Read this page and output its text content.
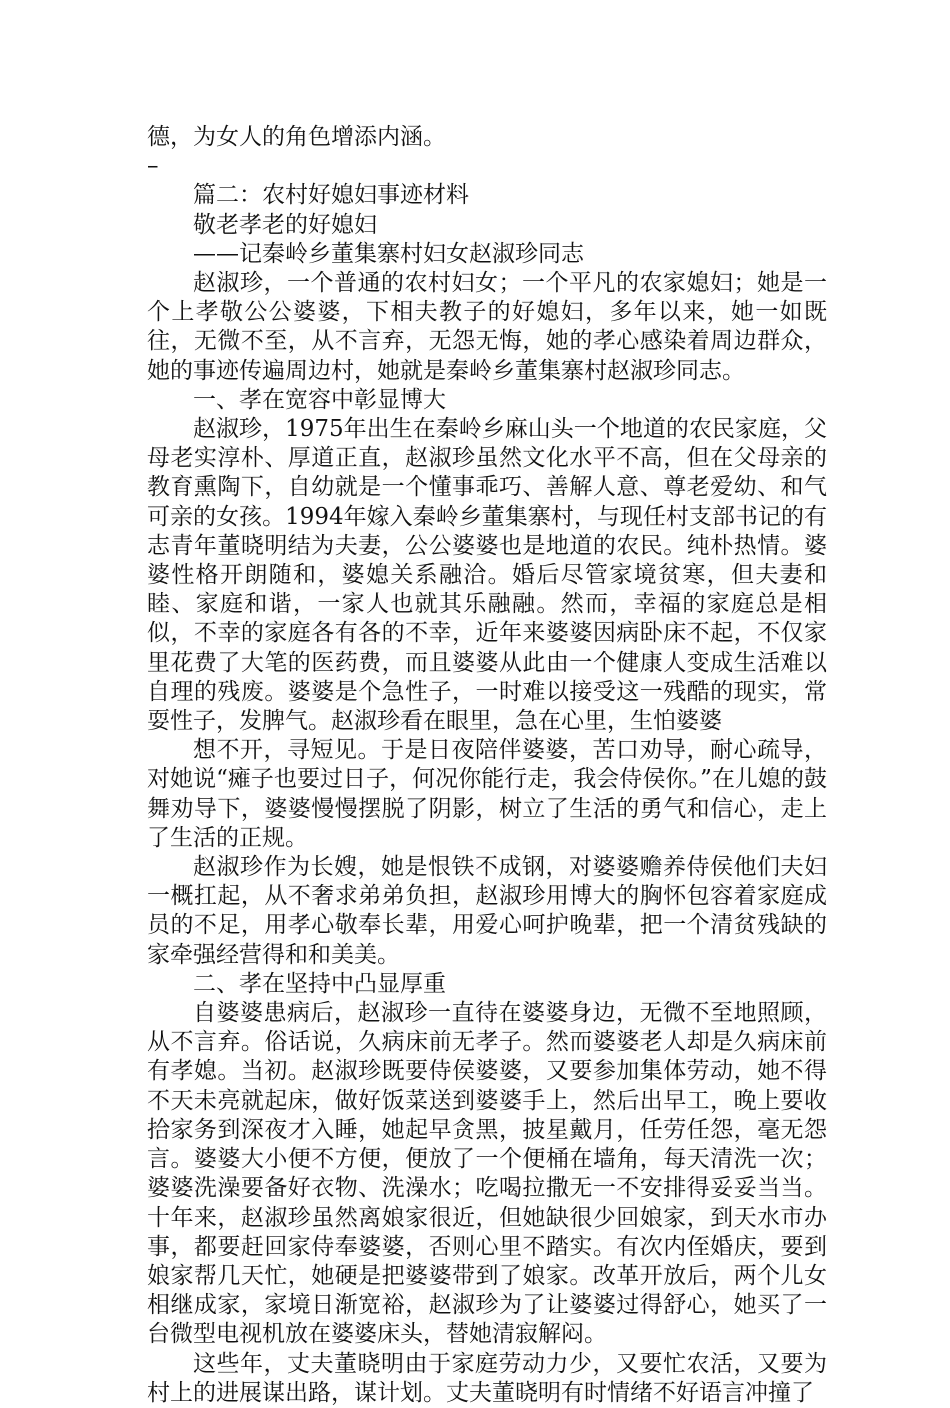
德，为女人的角色增添内涵。

–

篇二：农村好媳妇事迹材料

敬老孝老的好媳妇

——记秦岭乡董集寨村妇女赵淑珍同志

赵淑珍，一个普通的农村妇女；一个平凡的农家媳妇；她是一个上孝敬公公婆婆，下相夫教子的好媳妇，多年以来，她一如既往，无微不至，从不言弃，无怨无悔，她的孝心感染着周边群众，她的事迹传遍周边村，她就是秦岭乡董集寨村赵淑珍同志。

一、孝在宽容中彰显博大

赵淑珍，1975年出生在秦岭乡麻山头一个地道的农民家庭，父母老实淳朴、厚道正直，赵淑珍虽然文化水平不高，但在父母亲的教育熏陶下，自幼就是一个懂事乖巧、善解人意、尊老爱幼、和气可亲的女孩。1994年嫁入秦岭乡董集寨村，与现任村支部书记的有志青年董晓明结为夫妻，公公婆婆也是地道的农民。纯朴热情。婆婆性格开朗随和，婆媳关系融洽。婚后尽管家境贫寒，但夫妻和睦、家庭和谐，一家人也就其乐融融。然而，幸福的家庭总是相似，不幸的家庭各有各的不幸，近年来婆婆因病卧床不起，不仅家里花费了大笔的医药费，而且婆婆从此由一个健康人变成生活难以自理的残废。婆婆是个急性子，一时难以接受这一残酷的现实，常耍性子，发脾气。赵淑珍看在眼里，急在心里，生怕婆婆

想不开，寻短见。于是日夜陪伴婆婆，苦口劝导，耐心疏导，对她说“瘫子也要过日子，何况你能行走，我会侍侯你。”在儿媳的鼓舞劝导下，婆婆慢慢摆脱了阴影，树立了生活的勇气和信心，走上了生活的正规。

赵淑珍作为长嫂，她是恨铁不成钢，对婆婆赡养侍侯他们夫妇一概扛起，从不奢求弟弟负担，赵淑珍用博大的胸怀包容着家庭成员的不足，用孝心敬奉长辈，用爱心呵护晚辈，把一个清贫残缺的家牵强经营得和和美美。

二、孝在坚持中凸显厚重

自婆婆患病后，赵淑珍一直待在婆婆身边，无微不至地照顾，从不言弃。俗话说，久病床前无孝子。然而婆婆老人却是久病床前有孝媳。当初。赵淑珍既要侍侯婆婆，又要参加集体劳动，她不得不天未亮就起床，做好饭菜送到婆婆手上，然后出早工，晚上要收拾家务到深夜才入睡，她起早贪黑，披星戴月，任劳任怨，毫无怨言。婆婆大小便不方便，便放了一个便桶在墙角，每天清洗一次；婆婆洗澡要备好衣物、洗澡水；吃喝拉撒无一不安排得妥妥当当。十年来，赵淑珍虽然离娘家很近，但她缺很少回娘家，到天水市办事，都要赶回家侍奉婆婆，否则心里不踏实。有次内侄婚庆，要到娘家帮几天忙，她硬是把婆婆带到了娘家。改革开放后，两个儿女相继成家，家境日渐宽裕，赵淑珍为了让婆婆过得舒心，她买了一台微型电视机放在婆婆床头，替她清寂解闷。

这些年，丈夫董晓明由于家庭劳动力少，又要忙农活，又要为村上的进展谋出路，谋计划。丈夫董晓明有时情绪不好语言冲撞了
